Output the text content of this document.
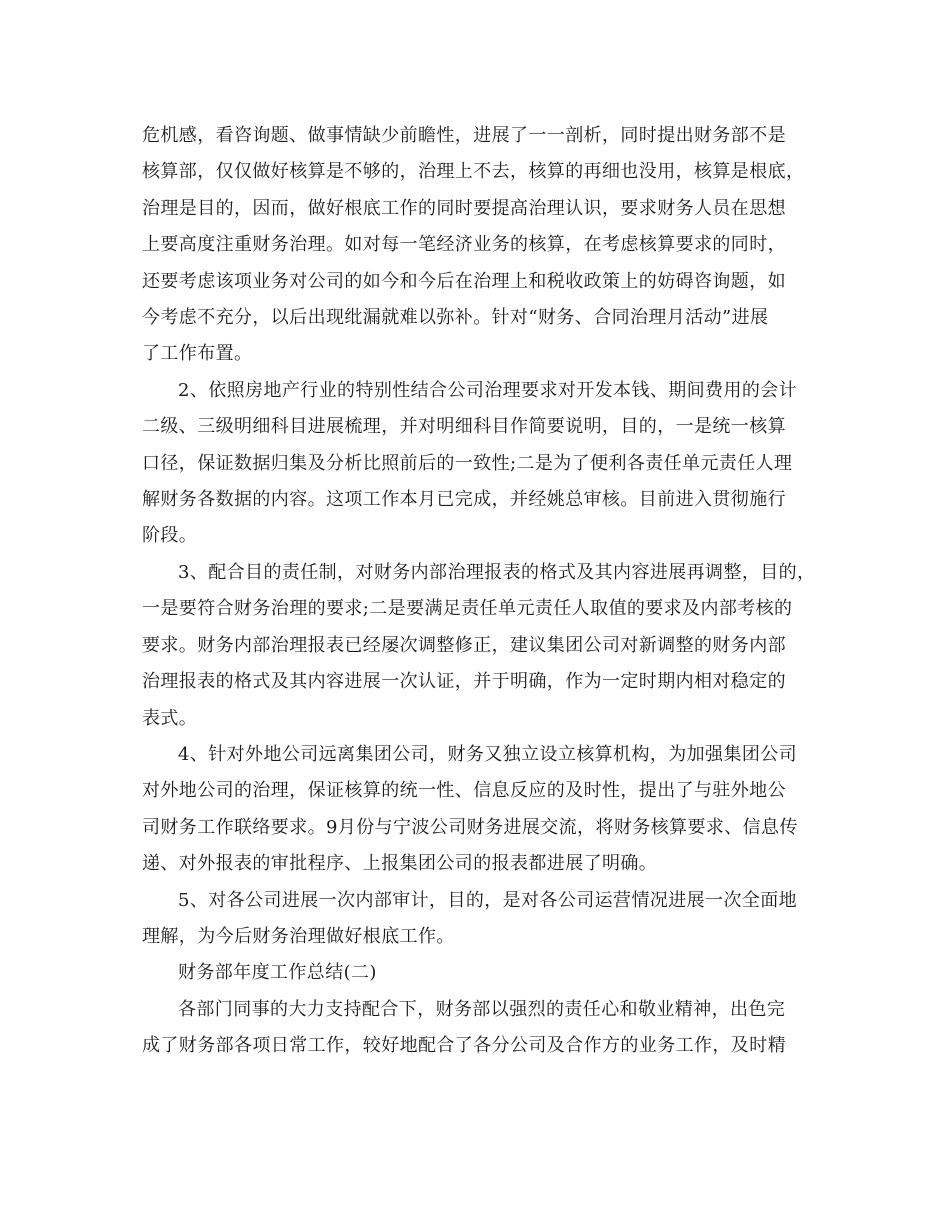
危机感，看咨询题、做事情缺少前瞻性，进展了一一剖析，同时提出财务部不是
核算部，仅仅做好核算是不够的，治理上不去，核算的再细也没用，核算是根底，
治理是目的，因而，做好根底工作的同时要提高治理认识，要求财务人员在思想
上要高度注重财务治理。如对每一笔经济业务的核算，在考虑核算要求的同时，
还要考虑该项业务对公司的如今和今后在治理上和税收政策上的妨碍咨询题，如
今考虑不充分，以后出现纰漏就难以弥补。针对“财务、合同治理月活动”进展
了工作布置。
2、依照房地产行业的特别性结合公司治理要求对开发本钱、期间费用的会计
二级、三级明细科目进展梳理，并对明细科目作简要说明，目的，一是统一核算
口径，保证数据归集及分析比照前后的一致性;二是为了便利各责任单元责任人理
解财务各数据的内容。这项工作本月已完成，并经姚总审核。目前进入贯彻施行
阶段。
3、配合目的责任制，对财务内部治理报表的格式及其内容进展再调整，目的，
一是要符合财务治理的要求;二是要满足责任单元责任人取值的要求及内部考核的
要求。财务内部治理报表已经屡次调整修正，建议集团公司对新调整的财务内部
治理报表的格式及其内容进展一次认证，并于明确，作为一定时期内相对稳定的
表式。
4、针对外地公司远离集团公司，财务又独立设立核算机构，为加强集团公司
对外地公司的治理，保证核算的统一性、信息反应的及时性，提出了与驻外地公
司财务工作联络要求。9月份与宁波公司财务进展交流，将财务核算要求、信息传
递、对外报表的审批程序、上报集团公司的报表都进展了明确。
5、对各公司进展一次内部审计，目的，是对各公司运营情况进展一次全面地
理解，为今后财务治理做好根底工作。
财务部年度工作总结(二)
各部门同事的大力支持配合下，财务部以强烈的责任心和敬业精神，出色完
成了财务部各项日常工作，较好地配合了各分公司及合作方的业务工作，及时精
